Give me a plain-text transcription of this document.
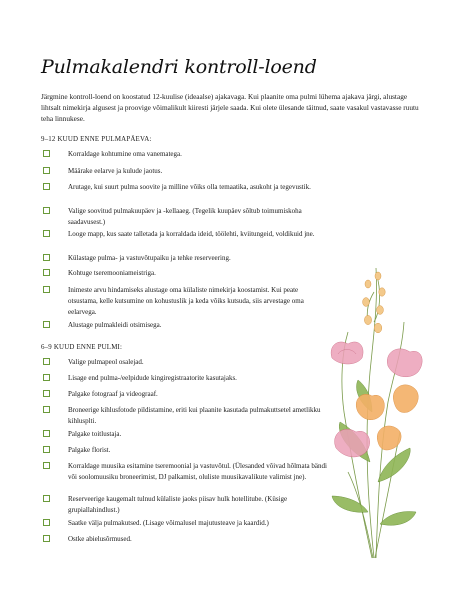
Pulmakalendri kontroll-loend

Järgmine kontroll-loend on koostatud 12-kuulise (ideaalse) ajakavaga. Kui plaanite oma pulmi lühema ajakava järgi, alustage lihtsalt nimekirja algusest ja proovige võimalikult kiiresti järjele saada. Kui olete ülesande täitnud, saate vasakul vastavasse ruutu teha linnukese.

9–12 KUUD ENNE PULMAPÄEVA:

Korraldage kohtumine oma vanematega.
Määrake eelarve ja kulude jaotus.
Arutage, kui suurt pulma soovite ja milline võiks olla temaatika, asukoht ja tegevustik.
Valige soovitud pulmakuupäev ja -kellaaeg. (Tegelik kuupäev sõltub toimumiskoha saadavusest.)
Looge mapp, kus saate talletada ja korraldada ideid, töölehti, kviitungeid, voldikuid jne.
Külastage pulma- ja vastuvõtupaiku ja tehke reserveering.
Kohtuge tseremooniameistriga.
Inimeste arvu hindamiseks alustage oma külaliste nimekirja koostamist. Kui peate otsustama, kelle kutsumine on kohustuslik ja keda võiks kutsuda, siis arvestage oma eelarvega.
Alustage pulmakleidi otsimisega.

6–9 KUUD ENNE PULMI:

Valige pulmapeol osalejad.
Lisage end pulma-/eelpidude kingiregistraatorite kasutajaks.
Palgake fotograaf ja videograaf.
Broneerige kihlusfotode pildistamine, eriti kui plaanite kasutada pulmakuttsetel ametlikku kihlusplti.
Palgake toitlustaja.
Palgake florist.
Korraldage muusika esitamine tseremoonial ja vastuvõtul. (Ülesanded võivad hõlmata bändi või soolomuusiku broneerimist, DJ palkamist, oluliste muusikavalikute valimist jne).
Reserveerige kaugemalt tulnud külaliste jaoks piisav hulk hotellitube. (Küsige grupiallahindlust.)
Saatke välja pulmakutsed. (Lisage võimalusel majutusteave ja kaardid.)
Ostke abielusõrmused.
